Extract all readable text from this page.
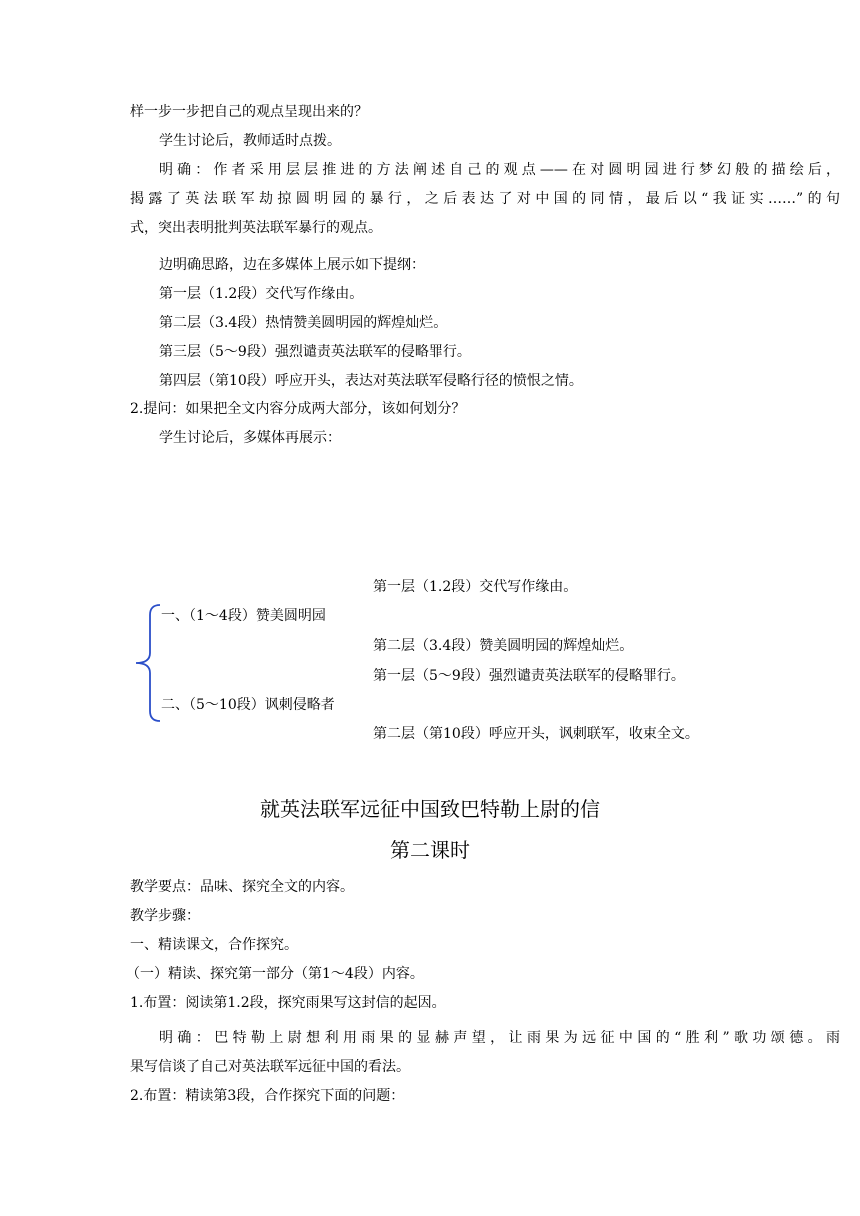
样一步一步把自己的观点呈现出来的？
学生讨论后，教师适时点拨。
明确：作者采用层层推进的方法阐述自己的观点——在对圆明园进行梦幻般的描绘后，
揭露了英法联军劫掠圆明园的暴行，之后表达了对中国的同情，最后以“我证实……”的句
式，突出表明批判英法联军暴行的观点。
边明确思路，边在多媒体上展示如下提纲：
第一层（1.2段）交代写作缘由。
第二层（3.4段）热情赞美圆明园的辉煌灿烂。
第三层（5～9段）强烈谴责英法联军的侵略罪行。
第四层（第10段）呼应开头，表达对英法联军侵略行径的愤恨之情。
2.提问：如果把全文内容分成两大部分，该如何划分？
学生讨论后，多媒体再展示：
第一层（1.2段）交代写作缘由。
一、（1～4段）赞美圆明园
第二层（3.4段）赞美圆明园的辉煌灿烂。
第一层（5～9段）强烈谴责英法联军的侵略罪行。
二、（5～10段）讽刺侵略者
第二层（第10段）呼应开头，讽刺联军，收束全文。
就英法联军远征中国致巴特勒上尉的信
第二课时
教学要点：品味、探究全文的内容。
教学步骤：
一、精读课文，合作探究。
（一）精读、探究第一部分（第1～4段）内容。
1.布置：阅读第1.2段，探究雨果写这封信的起因。
明确：巴特勒上尉想利用雨果的显赫声望，让雨果为远征中国的“胜利”歌功颂德。雨
果写信谈了自己对英法联军远征中国的看法。
2.布置：精读第3段，合作探究下面的问题：
